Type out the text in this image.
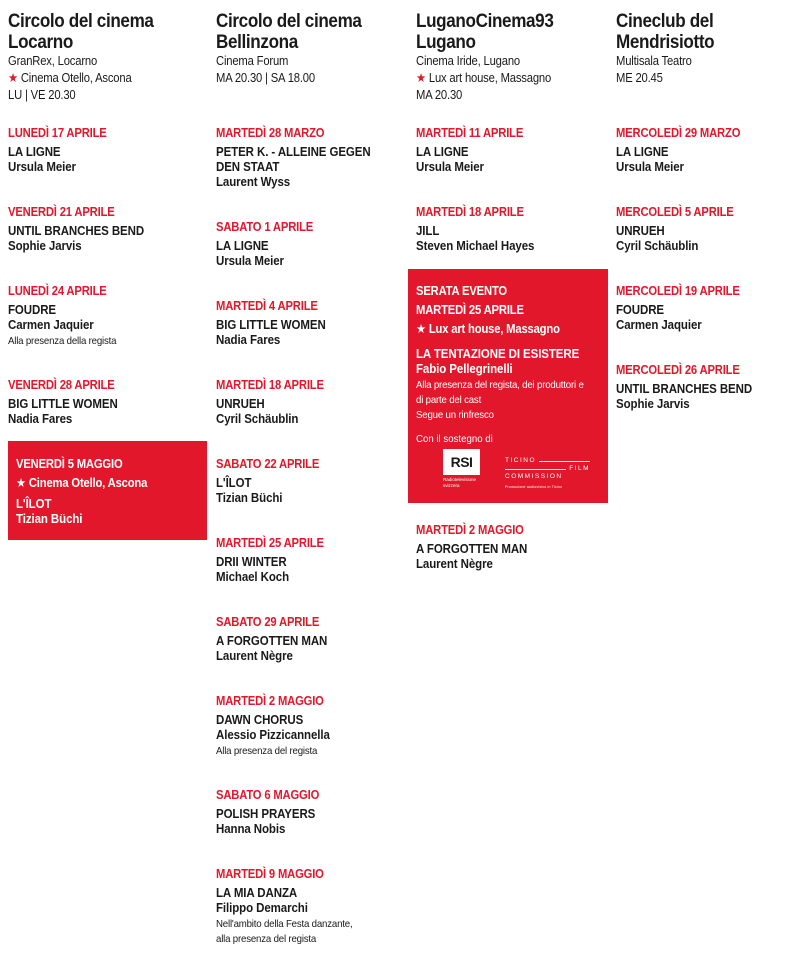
Circolo del cinema
Locarno
GranRex, Locarno
★ Cinema Otello, Ascona
LU | VE 20.30
LUNEDÌ 17 APRILE
LA LIGNE
Ursula Meier
VENERDÌ 21 APRILE
UNTIL BRANCHES BEND
Sophie Jarvis
LUNEDÌ 24 APRILE
FOUDRE
Carmen Jaquier
Alla presenza della regista
VENERDÌ 28 APRILE
BIG LITTLE WOMEN
Nadia Fares
VENERDÌ 5 MAGGIO
★ Cinema Otello, Ascona
L'ÎLOT
Tizian Büchi
Circolo del cinema
Bellinzona
Cinema Forum
MA 20.30 | SA 18.00
MARTEDÌ 28 MARZO
PETER K. - ALLEINE GEGEN DEN STAAT
Laurent Wyss
SABATO 1 APRILE
LA LIGNE
Ursula Meier
MARTEDÌ 4 APRILE
BIG LITTLE WOMEN
Nadia Fares
MARTEDÌ 18 APRILE
UNRUEH
Cyril Schäublin
SABATO 22 APRILE
L'ÎLOT
Tizian Büchi
MARTEDÌ 25 APRILE
DRII WINTER
Michael Koch
SABATO 29 APRILE
A FORGOTTEN MAN
Laurent Nègre
MARTEDÌ 2 MAGGIO
DAWN CHORUS
Alessio Pizzicannella
Alla presenza del regista
SABATO 6 MAGGIO
POLISH PRAYERS
Hanna Nobis
MARTEDÌ 9 MAGGIO
LA MIA DANZA
Filippo Demarchi
Nell'ambito della Festa danzante, alla presenza del regista
LuganoCinema93
Lugano
Cinema Iride, Lugano
★ Lux art house, Massagno
MA 20.30
MARTEDÌ 11 APRILE
LA LIGNE
Ursula Meier
MARTEDÌ 18 APRILE
JILL
Steven Michael Hayes
MARTEDÌ 2 MAGGIO
A FORGOTTEN MAN
Laurent Nègre
SERATA EVENTO
MARTEDÌ 25 APRILE
★ Lux art house, Massagno
LA TENTAZIONE DI ESISTERE
Fabio Pellegrinelli
Alla presenza del regista, dei produttori e di parte del cast
Segue un rinfresco
Con il sostegno di
RSI
Radiotelevisione svizzera
TICINO
FILM
COMMISSION
Promozione audiovisiva in Ticino
Cineclub del
Mendrisiotto
Multisala Teatro
ME 20.45
MERCOLEDÌ 29 MARZO
LA LIGNE
Ursula Meier
MERCOLEDÌ 5 APRILE
UNRUEH
Cyril Schäublin
MERCOLEDÌ 19 APRILE
FOUDRE
Carmen Jaquier
MERCOLEDÌ 26 APRILE
UNTIL BRANCHES BEND
Sophie Jarvis
